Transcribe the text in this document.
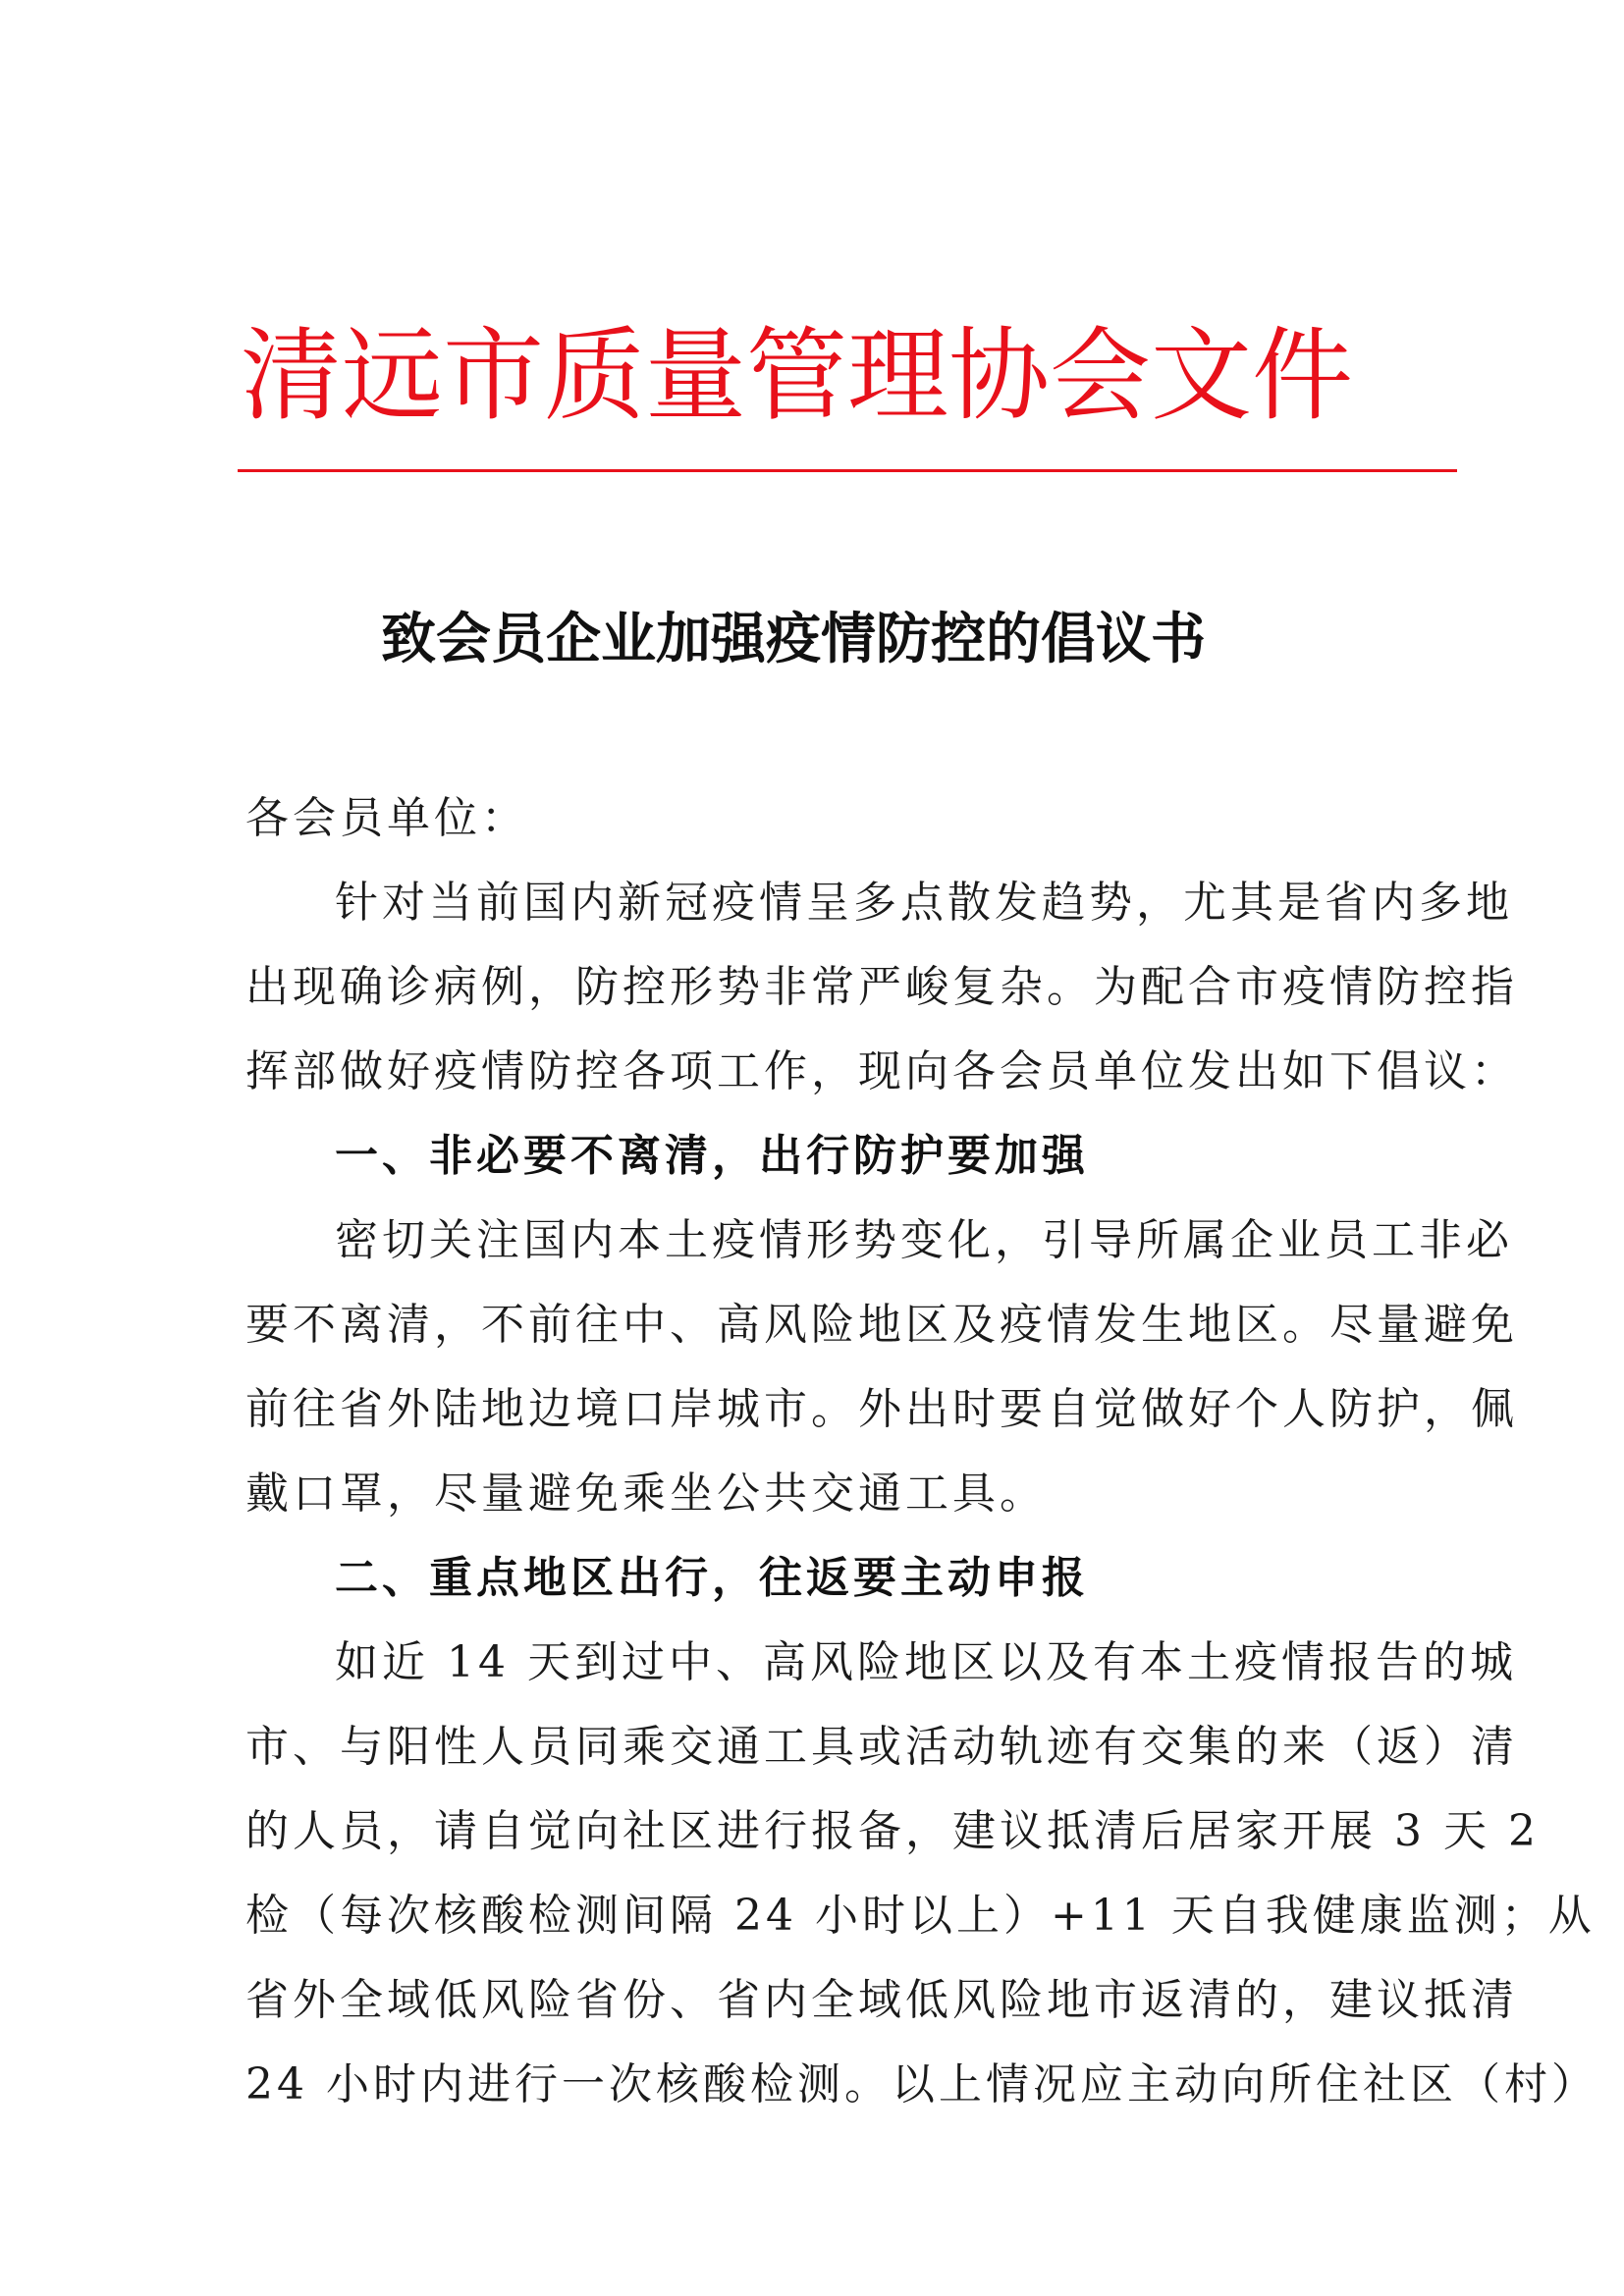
清远市质量管理协会文件
致会员企业加强疫情防控的倡议书
各会员单位：
针对当前国内新冠疫情呈多点散发趋势，尤其是省内多地
出现确诊病例，防控形势非常严峻复杂。为配合市疫情防控指
挥部做好疫情防控各项工作，现向各会员单位发出如下倡议：
一、非必要不离清，出行防护要加强
密切关注国内本土疫情形势变化，引导所属企业员工非必
要不离清，不前往中、高风险地区及疫情发生地区。尽量避免
前往省外陆地边境口岸城市。外出时要自觉做好个人防护，佩
戴口罩，尽量避免乘坐公共交通工具。
二、重点地区出行，往返要主动申报
如近 14 天到过中、高风险地区以及有本土疫情报告的城
市、与阳性人员同乘交通工具或活动轨迹有交集的来（返）清
的人员，请自觉向社区进行报备，建议抵清后居家开展 3 天 2
检（每次核酸检测间隔 24 小时以上）+11 天自我健康监测；从
省外全域低风险省份、省内全域低风险地市返清的，建议抵清
24 小时内进行一次核酸检测。以上情况应主动向所住社区（村）
